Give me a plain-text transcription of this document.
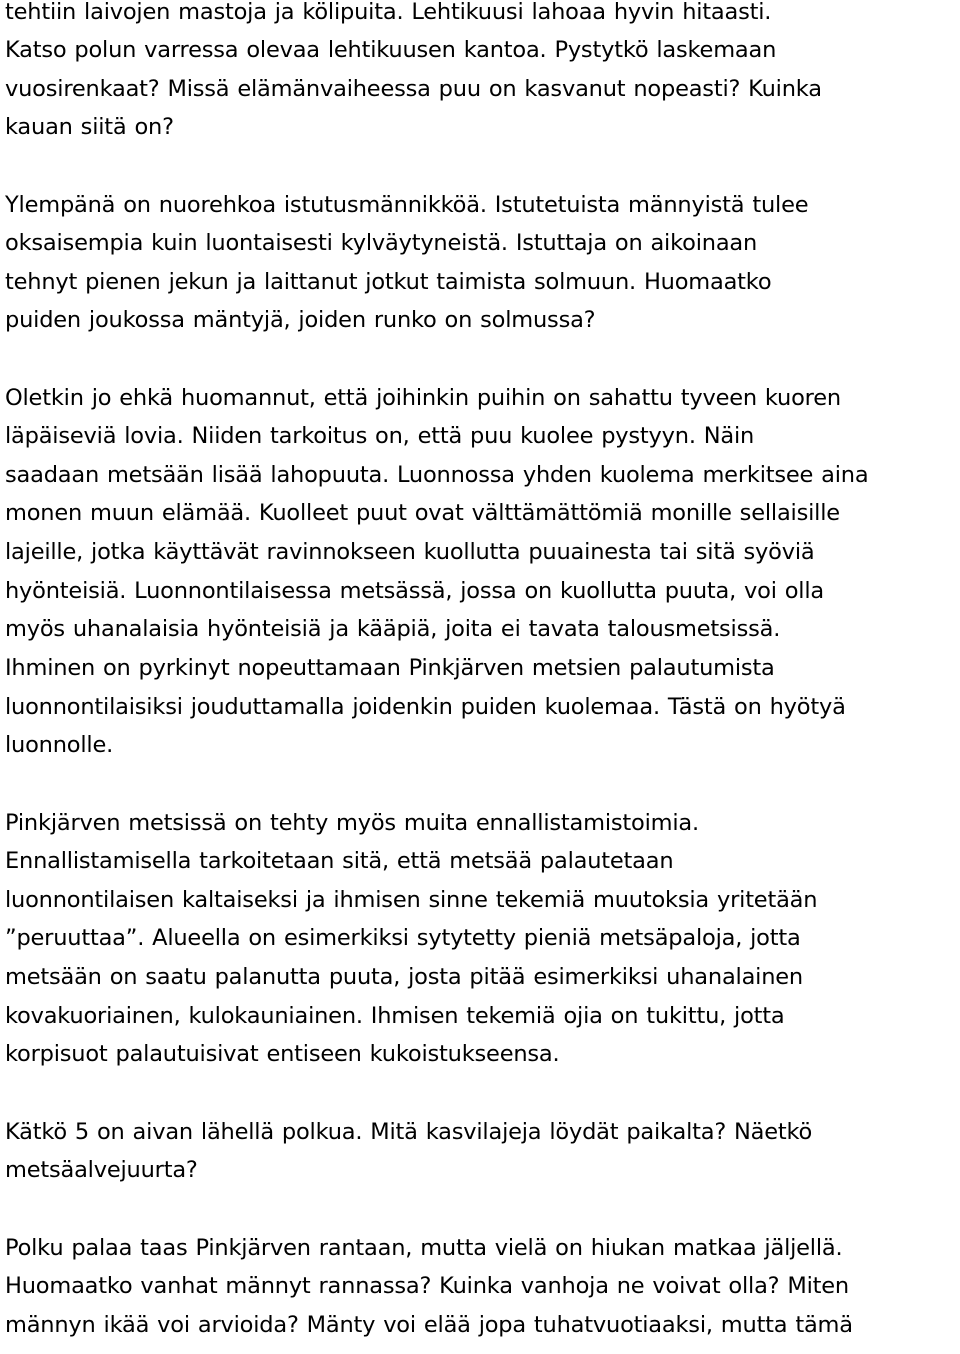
tehtiin laivojen mastoja ja kölipuita. Lehtikuusi lahoaa hyvin hitaasti.
Katso polun varressa olevaa lehtikuusen kantoa. Pystytkö laskemaan
vuosirenkaat? Missä elämänvaiheessa puu on kasvanut nopeasti? Kuinka
kauan siitä on?
Ylempänä on nuorehkoa istutusmännikköä. Istutetuista männyistä tulee
oksaisempia kuin luontaisesti kylväytyneistä. Istuttaja on aikoinaan
tehnyt pienen jekun ja laittanut jotkut taimista solmuun. Huomaatko
puiden joukossa mäntyjä, joiden runko on solmussa?
Oletkin jo ehkä huomannut, että joihinkin puihin on sahattu tyveen kuoren
läpäiseviä lovia. Niiden tarkoitus on, että puu kuolee pystyyn. Näin
saadaan metsään lisää lahopuuta. Luonnossa yhden kuolema merkitsee aina
monen muun elämää. Kuolleet puut ovat välttämättömiä monille sellaisille
lajeille, jotka käyttävät ravinnokseen kuollutta puuainesta tai sitä syöviä
hyönteisiä. Luonnontilaisessa metsässä, jossa on kuollutta puuta, voi olla
myös uhanalaisia hyönteisiä ja kääpiä, joita ei tavata talousmetsissä.
Ihminen on pyrkinyt nopeuttamaan Pinkjärven metsien palautumista
luonnontilaisiksi jouduttamalla joidenkin puiden kuolemaa. Tästä on hyötyä
luonnolle.
Pinkjärven metsissä on tehty myös muita ennallistamistoimia.
Ennallistamisella tarkoitetaan sitä, että metsää palautetaan
luonnontilaisen kaltaiseksi ja ihmisen sinne tekemiä muutoksia yritetään
”peruuttaa”. Alueella on esimerkiksi sytytetty pieniä metsäpaloja, jotta
metsään on saatu palanutta puuta, josta pitää esimerkiksi uhanalainen
kovakuoriainen, kulokauniainen. Ihmisen tekemiä ojia on tukittu, jotta
korpisuot palautuisivat entiseen kukoistukseensa.
Kätkö 5 on aivan lähellä polkua. Mitä kasvilajeja löydät paikalta? Näetkö
metsäalvejuurta?
Polku palaa taas Pinkjärven rantaan, mutta vielä on hiukan matkaa jäljellä.
Huomaatko vanhat männyt rannassa? Kuinka vanhoja ne voivat olla? Miten
männyn ikää voi arvioida? Mänty voi elää jopa tuhatvuotiaaksi, mutta tämä
